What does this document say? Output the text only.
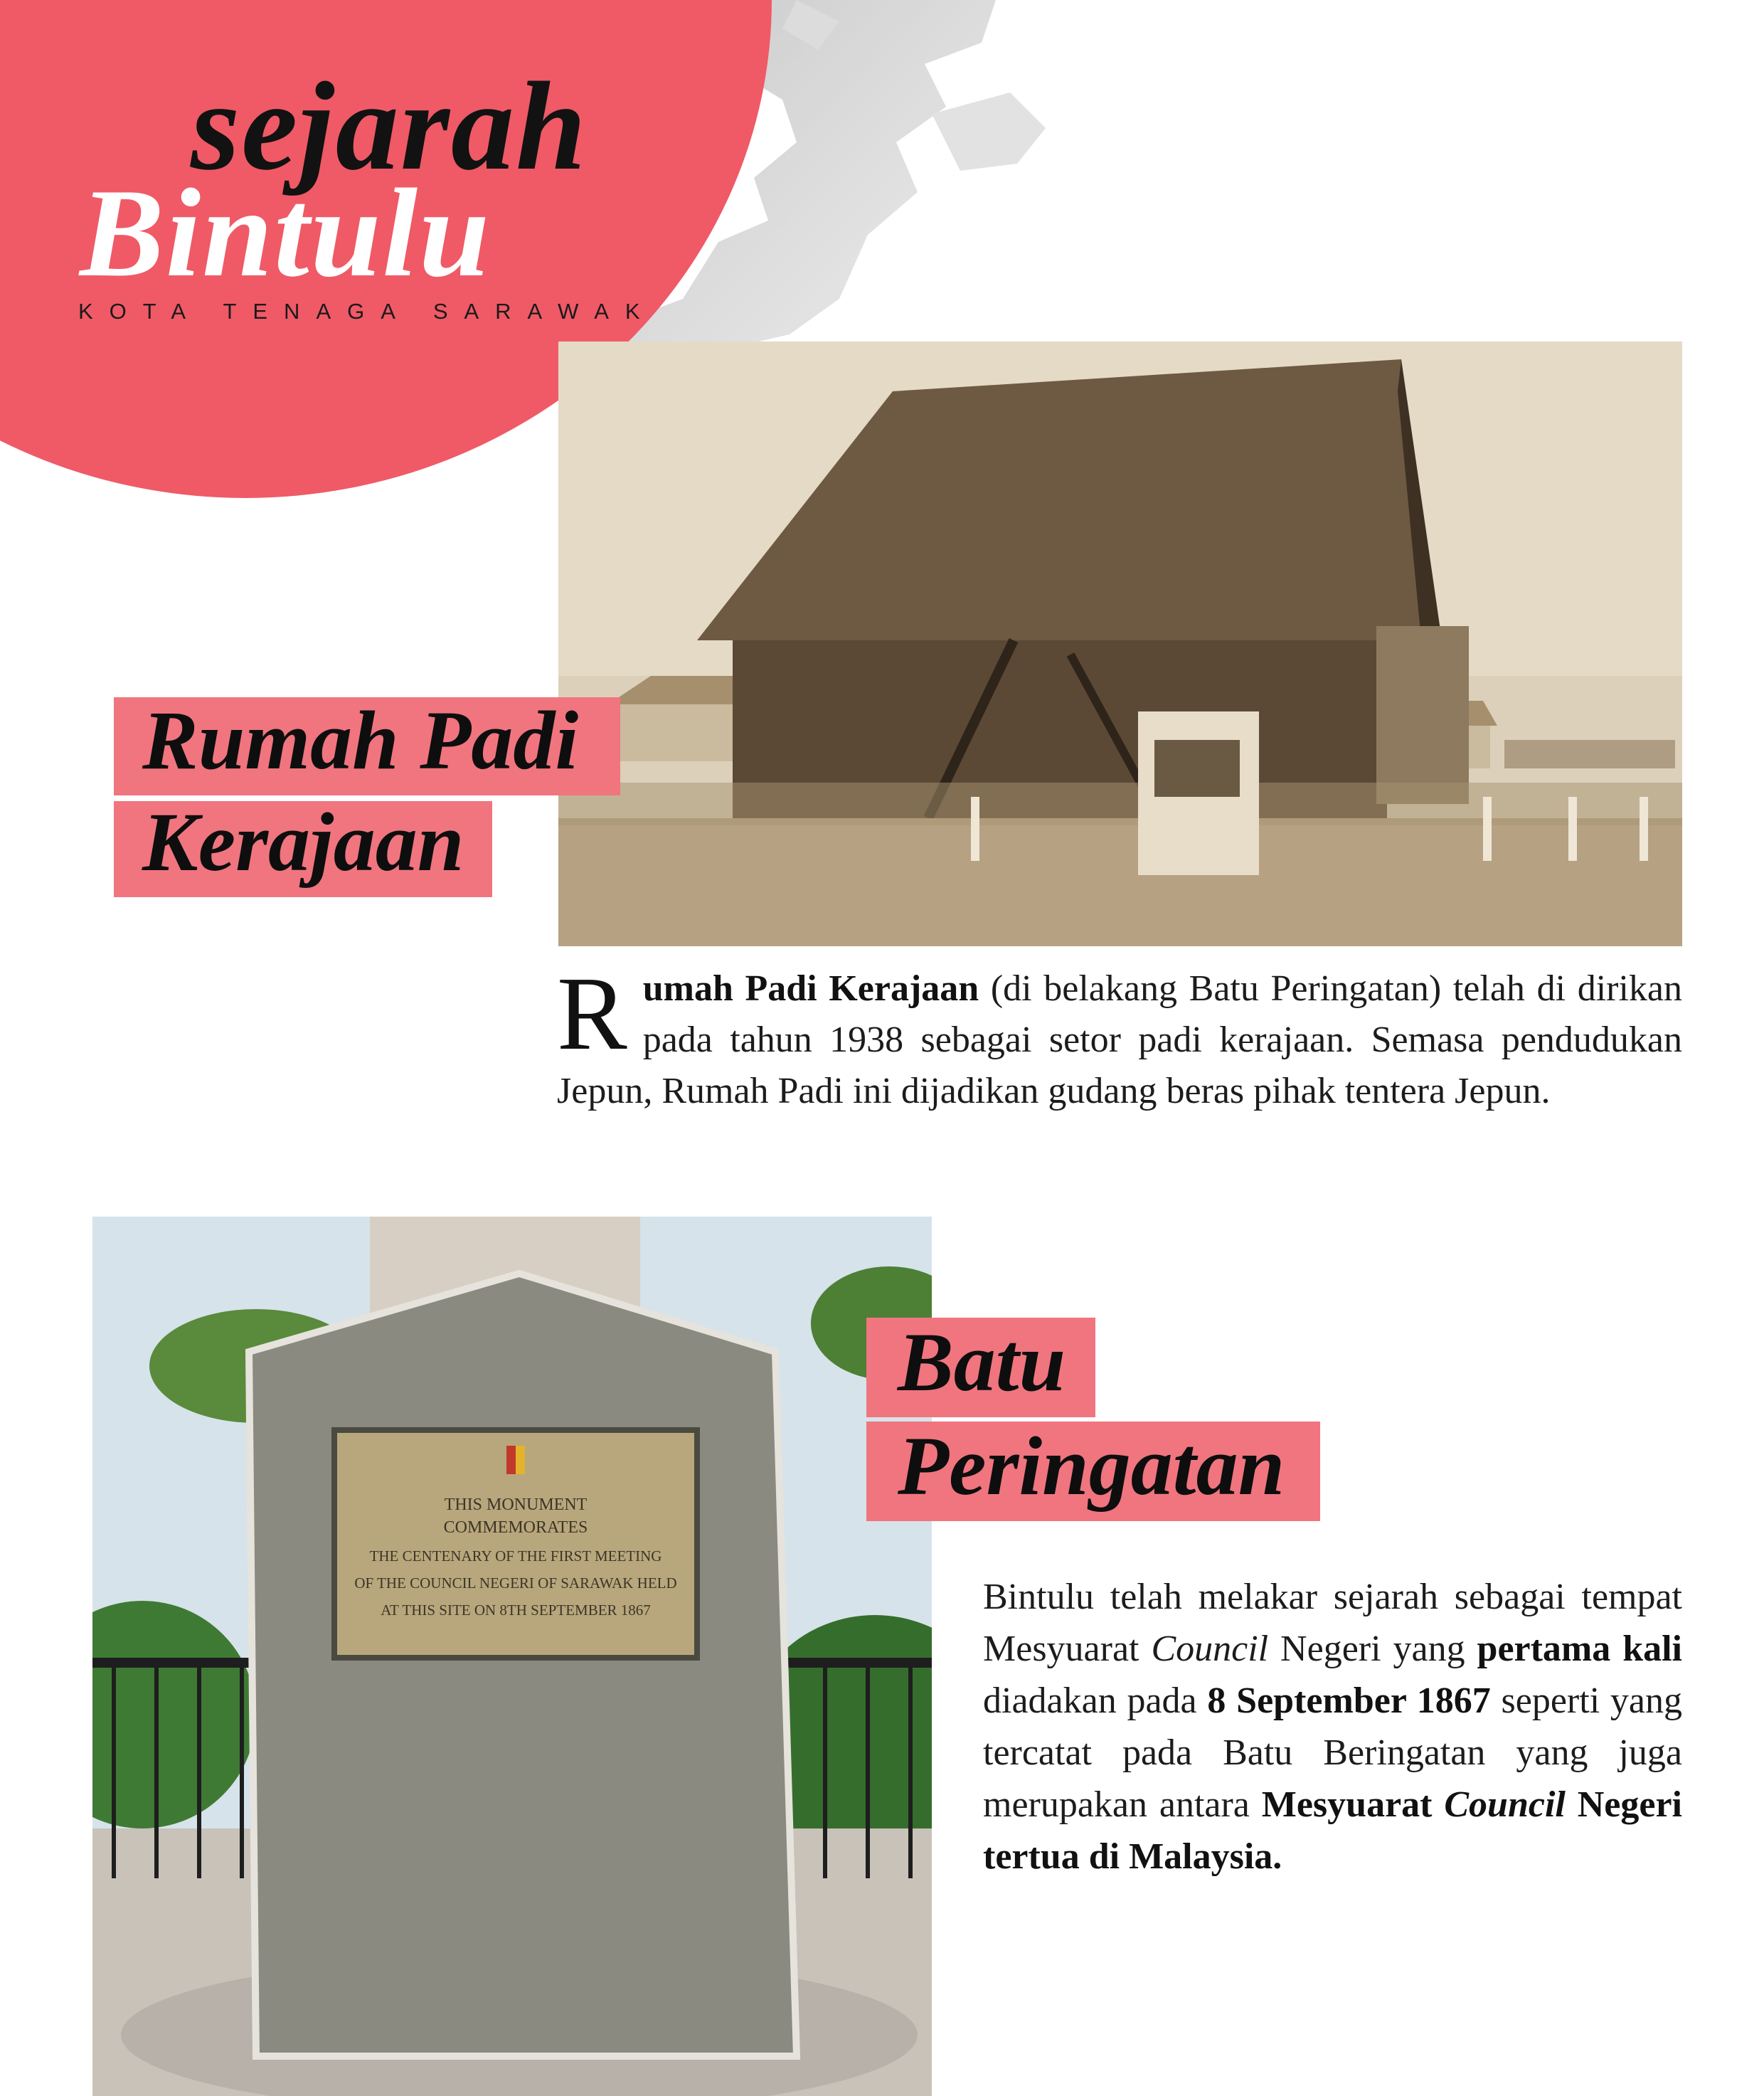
sejarah
Bintulu
KOTA TENAGA SARAWAK
Rumah Padi
Kerajaan
Rumah Padi Kerajaan (di belakang Batu Peringatan) telah di dirikan pada tahun 1938 sebagai setor padi kerajaan. Semasa pendudukan Jepun, Rumah Padi ini dijadikan gudang beras pihak tentera Jepun.
THIS MONUMENT
COMMEMORATES
THE CENTENARY OF THE FIRST MEETING
OF THE COUNCIL NEGERI OF SARAWAK HELD
AT THIS SITE ON 8TH SEPTEMBER 1867
Batu
Peringatan
Bintulu telah melakar sejarah sebagai tempat Mesyuarat Council Negeri yang pertama kali diadakan pada 8 September 1867 seperti yang tercatat pada Batu Beringatan yang juga merupakan antara Mesyuarat Council Negeri tertua di Malaysia.
